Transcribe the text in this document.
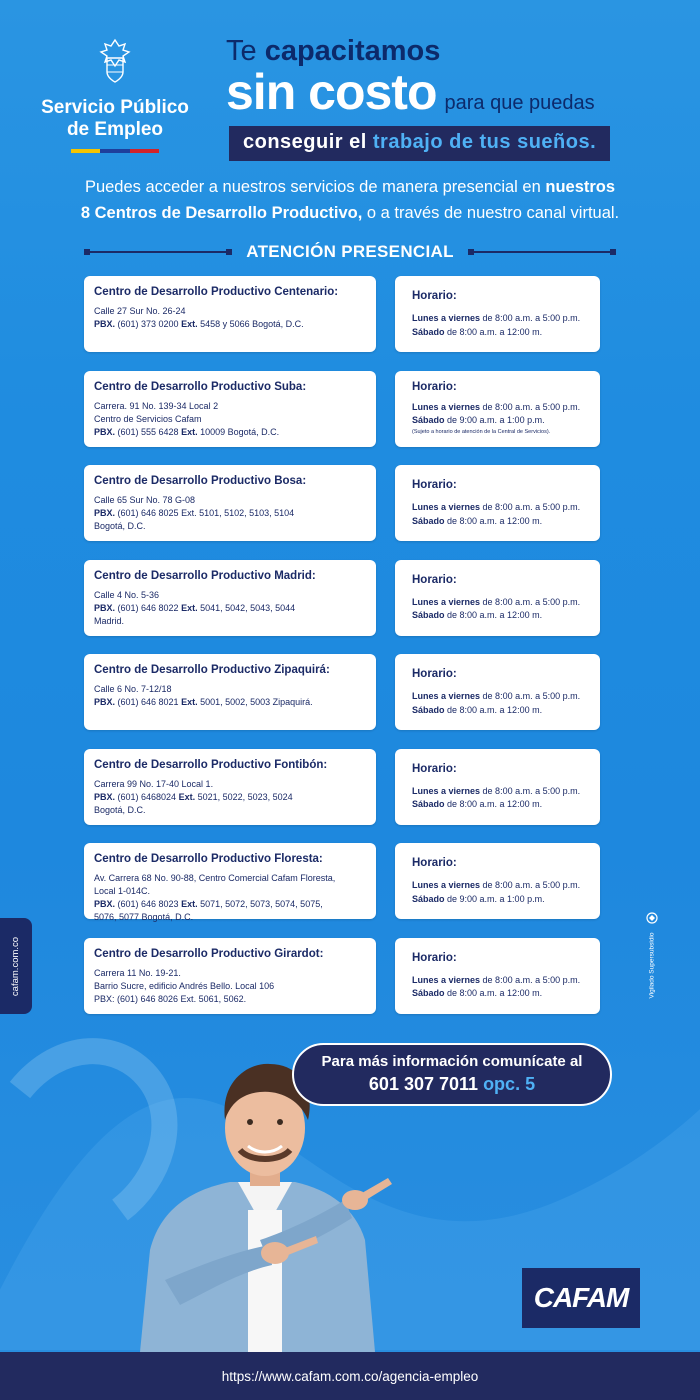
Servicio Público
de Empleo
Te capacitamos
sin costo para que puedas
conseguir el trabajo de tus sueños.
Puedes acceder a nuestros servicios de manera presencial en nuestros
8 Centros de Desarrollo Productivo, o a través de nuestro canal virtual.
ATENCIÓN PRESENCIAL
Centro de Desarrollo Productivo Centenario:
Calle 27 Sur No. 26-24
PBX. (601) 373 0200 Ext. 5458 y 5066 Bogotá, D.C.
Horario:
Lunes a viernes de 8:00 a.m. a 5:00 p.m.
Sábado de 8:00 a.m. a 12:00 m.
Centro de Desarrollo Productivo Suba:
Carrera. 91 No. 139-34 Local 2
Centro de Servicios Cafam
PBX. (601) 555 6428 Ext. 10009 Bogotá, D.C.
Horario:
Lunes a viernes de 8:00 a.m. a 5:00 p.m.
Sábado de 9:00 a.m. a 1:00 p.m.
(Sujeto a horario de atención de la Central de Servicios).
Centro de Desarrollo Productivo Bosa:
Calle 65 Sur No. 78 G-08
PBX. (601) 646 8025 Ext. 5101, 5102, 5103, 5104
Bogotá, D.C.
Horario:
Lunes a viernes de 8:00 a.m. a 5:00 p.m.
Sábado de 8:00 a.m. a 12:00 m.
Centro de Desarrollo Productivo Madrid:
Calle 4 No. 5-36
PBX. (601) 646 8022 Ext. 5041, 5042, 5043, 5044
Madrid.
Horario:
Lunes a viernes de 8:00 a.m. a 5:00 p.m.
Sábado de 8:00 a.m. a 12:00 m.
Centro de Desarrollo Productivo Zipaquirá:
Calle 6 No. 7-12/18
PBX. (601) 646 8021 Ext. 5001, 5002, 5003 Zipaquirá.
Horario:
Lunes a viernes de 8:00 a.m. a 5:00 p.m.
Sábado de 8:00 a.m. a 12:00 m.
Centro de Desarrollo Productivo Fontibón:
Carrera 99 No. 17-40 Local 1.
PBX. (601) 6468024 Ext. 5021, 5022, 5023, 5024
Bogotá, D.C.
Horario:
Lunes a viernes de 8:00 a.m. a 5:00 p.m.
Sábado de 8:00 a.m. a 12:00 m.
Centro de Desarrollo Productivo Floresta:
Av. Carrera 68 No. 90-88, Centro Comercial Cafam Floresta,
Local 1-014C.
PBX. (601) 646 8023 Ext. 5071, 5072, 5073, 5074, 5075,
5076, 5077 Bogotá, D.C.
Horario:
Lunes a viernes de 8:00 a.m. a 5:00 p.m.
Sábado de 9:00 a.m. a 1:00 p.m.
Centro de Desarrollo Productivo Girardot:
Carrera 11 No. 19-21.
Barrio Sucre, edificio Andrés Bello. Local 106
PBX: (601) 646 8026 Ext. 5061, 5062.
Horario:
Lunes a viernes de 8:00 a.m. a 5:00 p.m.
Sábado de 8:00 a.m. a 12:00 m.
cafam.com.co	Vigilado Supersubsidio
Para más información comunícate al
601 307 7011 opc. 5
CAFAM
https://www.cafam.com.co/agencia-empleo
